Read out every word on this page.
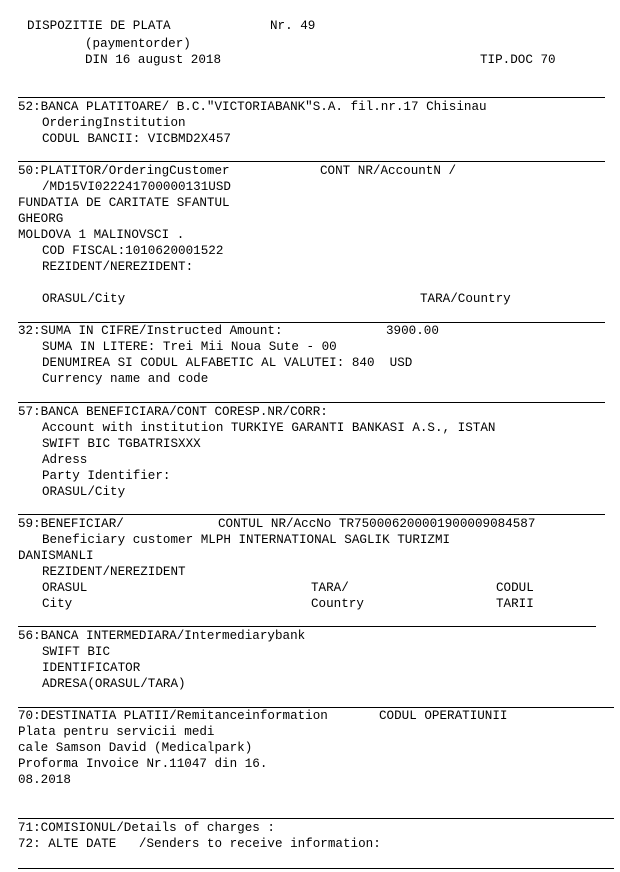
DISPOZITIE DE PLATA	Nr. 49
(paymentorder)
DIN 16 august 2018	TIP.DOC 70
52:BANCA PLATITOARE/ B.C."VICTORIABANK"S.A. fil.nr.17 Chisinau
OrderingInstitution
CODUL BANCII: VICBMD2X457
50:PLATITOR/OrderingCustomer	CONT NR/AccountN /
/MD15VI022241700000131USD
FUNDATIA DE CARITATE SFANTUL
GHEORG
MOLDOVA 1 MALINOVSCI .
COD FISCAL:1010620001522
REZIDENT/NEREZIDENT:
ORASUL/City	TARA/Country
32:SUMA IN CIFRE/Instructed Amount:	3900.00
SUMA IN LITERE: Trei Mii Noua Sute - 00
DENUMIREA SI CODUL ALFABETIC AL VALUTEI: 840  USD
Currency name and code
57:BANCA BENEFICIARA/CONT CORESP.NR/CORR:
Account with institution TURKIYE GARANTI BANKASI A.S., ISTAN
SWIFT BIC TGBATRISXXX
Adress
Party Identifier:
ORASUL/City
59:BENEFICIAR/	CONTUL NR/AccNo TR750006200001900009084587
Beneficiary customer MLPH INTERNATIONAL SAGLIK TURIZMI
DANISMANLI
REZIDENT/NEREZIDENT
ORASUL	TARA/	CODUL
City	Country	TARII
56:BANCA INTERMEDIARA/Intermediarybank
SWIFT BIC
IDENTIFICATOR
ADRESA(ORASUL/TARA)
70:DESTINATIA PLATII/Remitanceinformation	CODUL OPERATIUNII
Plata pentru servicii medi
cale Samson David (Medicalpark)
Proforma Invoice Nr.11047 din 16.
08.2018
71:COMISIONUL/Details of charges :
72: ALTE DATE   /Senders to receive information:
